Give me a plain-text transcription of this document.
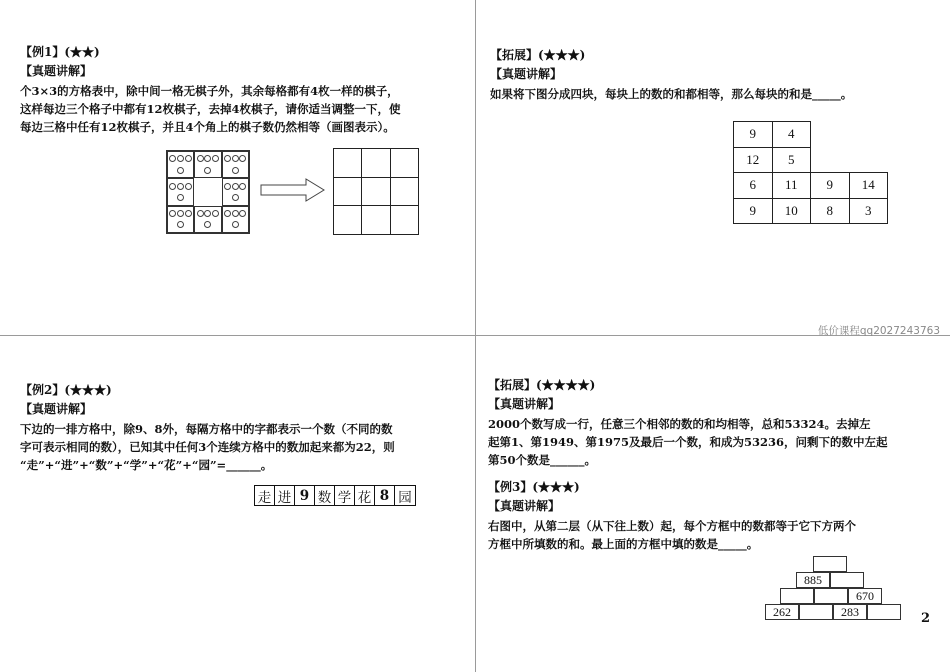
【例1】(★★)
【真题讲解】
个3×3的方格表中，除中间一格无棋子外，其余每格都有4枚一样的棋子，
这样每边三个格子中都有12枚棋子，去掉4枚棋子，请你适当调整一下，使
每边三格中任有12枚棋子，并且4个角上的棋子数仍然相等（画图表示）。

【拓展】(★★★)
【真题讲解】
如果将下图分成四块，每块上的数的和都相等，那么每块的和是_____。
9	4
12	5
6	11	9	14
9	10	8	3
低价课程qq2027243763
【例2】(★★★)
【真题讲解】
下边的一排方格中，除9、8外，每隔方格中的字都表示一个数（不同的数
字可表示相同的数），已知其中任何3个连续方格中的数加起来都为22，则
“走”+“进”+“数”+“学”+“花”+“园”=______。
走 进 9 数 学 花 8 园
【拓展】(★★★★)
【真题讲解】
2000个数写成一行，任意三个相邻的数的和均相等，总和53324。去掉左
起第1、第1949、第1975及最后一个数，和成为53236，问剩下的数中左起
第50个数是______。
【例3】(★★★)
【真题讲解】
右图中，从第二层（从下往上数）起，每个方框中的数都等于它下方两个
方框中所填数的和。最上面的方框中填的数是_____。
885
670
262	283	2
